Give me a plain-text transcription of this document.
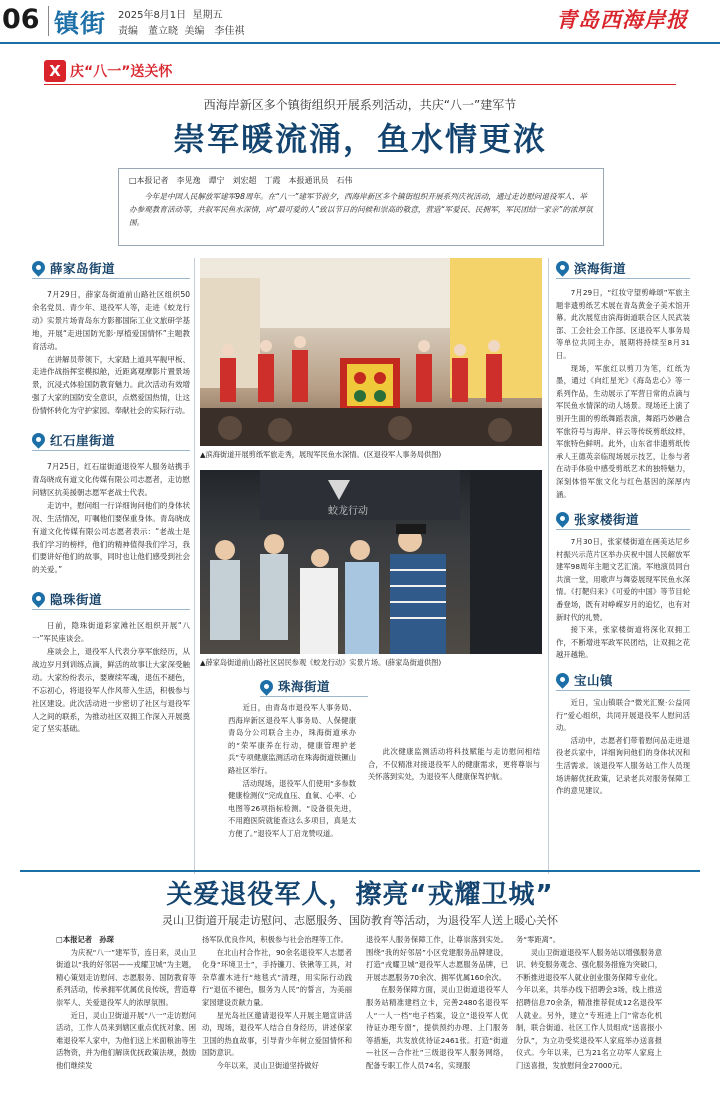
06 镇街 2025年8月1日 星期五
责编　董立晓 美编　李佳祺	青岛西海岸报
X 庆“八一”送关怀
西海岸新区多个镇街组织开展系列活动，共庆“八一”建军节
崇军暖流涌，鱼水情更浓
□本报记者　李见逸　谭宁　刘宏超　丁霞　本报通讯员　石伟
今年是中国人民解放军建军98周年。在“八一”建军节前夕，西海岸新区多个镇街组织开展系列庆祝活动，通过走访慰问退役军人、举办参观教育活动等，共叙军民鱼水深情，向“最可爱的人”致以节日的问候和崇高的敬意，营造“军爱民、民拥军，军民团结一家亲”的浓厚氛围。
薛家岛街道

7月29日，薛家岛街道前山路社区组织50余名党员、青少年、退役军人等，走进《蛟龙行动》实景片场青岛东方影都国际工业文旅研学基地，开展“走进国防光影·厚植爱国情怀”主题教育活动。

在讲解员带领下，大家踏上道具军舰甲板、走进作战指挥室模拟舱，近距离观摩影片置景场景，沉浸式体验国防教育魅力。此次活动有效增强了大家的国防安全意识，点燃爱国热情，让这份情怀转化为守护家园、奉献社会的实际行动。

红石崖街道

7月25日，红石崖街道退役军人服务站携手青岛晓成有道文化传媒有限公司志愿者，走访慰问辖区抗美援朝志愿军老战士代表。

走访中，慰问组一行详细询问他们的身体状况、生活情况，叮嘱他们要保重身体。青岛晓成有道文化传媒有限公司志愿者表示：“老战士是我们学习的榜样，他们的精神值得我们学习，我们要讲好他们的故事，同时也让他们感受到社会的关爱。”

隐珠街道

日前，隐珠街道彩家滩社区组织开展“八一”军民座谈会。

座谈会上，退役军人代表分享军旅经历，从战边岁月到训练点滴，鲜活的故事让大家深受触动。大家纷纷表示，要赓续军魂，退伍不褪色，不忘初心，将退役军人作风带入生活，积极参与社区建设。此次活动进一步密切了社区与退役军人之间的联系，为推动社区双拥工作深入开展奠定了坚实基础。

▲滨海街道开展剪纸军旅走秀，展现军民鱼水深情。(区退役军人事务局供图)
蛟龙行动
▲薛家岛街道前山路社区居民参观《蛟龙行动》实景片场。(薛家岛街道供图)
珠海街道

近日，由青岛市退役军人事务局、西海岸新区退役军人事务局、人保健康青岛分公司联合主办，珠海街道承办的“荣军康养在行动，健康管理护老兵”专项健康监测活动在珠海街道铁镢山路社区举行。

活动现场，退役军人们使用“多参数健康检测仪”完成血压、血氧、心率、心电图等26项指标检测。“设备很先进，不用跑医院就能查这么多项目，真是太方便了。”退役军人丁启龙赞叹道。

此次健康监测活动将科技赋能与走访慰问相结合，不仅精准对接退役军人的健康需求，更将尊崇与关怀落到实处，为退役军人健康保驾护航。

滨海街道

7月29日，“红妆守望剪峰颂”军旅主题非遗剪纸艺术展在青岛黄金子美术馆开幕。此次展览由滨海街道联合区人民武装部、工会社会工作部、区退役军人事务局等单位共同主办，展期将持续至8月31日。

现场，军旅红以剪刀为笔，红纸为墨，通过《向红星光》《海岛忠心》等一系列作品，生动展示了军营日常的点滴与军民鱼水情深的动人场景。现场还上演了别开生面的剪纸舞蹈表演，舞蹈巧妙融合军旅符号与海岸、祥云等传统剪纸纹样，军旅特色鲜明。此外，山东省非遗剪纸传承人王德英亲临现场展示技艺，让参与者在动手体验中感受剪纸艺术的独特魅力，深刻体悟军旅文化与红色基因的深厚内涵。

张家楼街道

7月30日，张家楼街道在画美达尼乡村振兴示范片区举办庆祝中国人民解放军建军98周年主题文艺汇演。军地演员同台共演一堂，用歌声与舞姿展现军民鱼水深情。《打靶归来》《可爱的中国》等节目轮番登场，既有对峥嵘岁月的追忆，也有对新时代的礼赞。

接下来，张家楼街道将深化双拥工作，不断增进军政军民团结，让双拥之花越开越艳。

宝山镇

近日，宝山镇联合“微光汇聚·公益同行”爱心组织，共同开展退役军人慰问活动。

活动中，志愿者们带着慰问品走进退役老兵家中，详细询问他们的身体状况和生活需求。该退役军人服务站工作人员现场讲解优抚政策，记录老兵对服务保障工作的意见建议。

关爱退役军人，擦亮“戎耀卫城”
灵山卫街道开展走访慰问、志愿服务、国防教育等活动，为退役军人送上暖心关怀

□本报记者　孙琛

为庆祝“八一”建军节，连日来，灵山卫街道以“我的好邻居——戎耀卫城”为主题，精心策划走访慰问、志愿服务、国防教育等系列活动，传承拥军优属优良传统，营造尊崇军人、关爱退役军人的浓厚氛围。

近日，灵山卫街道开展“八一”走访慰问活动，工作人员来到辖区重点优抚对象、困难退役军人家中，为他们送上米面粮油等生活物资，并为他们解读优抚政策法规，鼓励他们继续发

扬军队优良作风，积极参与社会治理等工作。

在北山村合作社，90余名退役军人志愿者化身“环境卫士”，手持镰刀、铁锹等工具，对杂草灌木进行“地毯式”清理，用实际行动践行“退伍不褪色，服务为人民”的誓言，为美丽家园建设贡献力量。

星光岛社区邀请退役军人开展主题宣讲活动，现场，退役军人结合自身经历，讲述保家卫国的热血故事，引导青少年树立爱国情怀和国防意识。

今年以来，灵山卫街道坚持做好

退役军人服务保障工作，让尊崇落到实处。围绕“我的好邻居”小区党建服务品牌建设，打造“戎耀卫城”退役军人志愿服务品牌，已开展志愿服务70余次、拥军优属160余次。

在服务保障方面，灵山卫街道退役军人服务站精准建档立卡，完善2480名退役军人“一人一档”电子档案，设立“退役军人优待证办理专窗”，提供预约办理、上门服务等措施，共发放优待证2461张。打造“街道—社区—合作社”三级退役军人服务网络，配备专职工作人员74名，实现服

务“零距离”。

灵山卫街道退役军人服务站以增强服务意识、转变服务观念、强化服务措施为突破口，不断推进退役军人就业创业服务保障专业化。今年以来，共举办线下招聘会3场，线上推送招聘信息70余条，精准推荐促成12名退役军人就业。另外，建立“专班进上门”常态化机制，联合街道、社区工作人员组成“送喜报小分队”，为立功受奖退役军人家庭举办送喜报仪式。今年以来，已为21名立功军人家庭上门送喜报，发放慰问金27000元。
